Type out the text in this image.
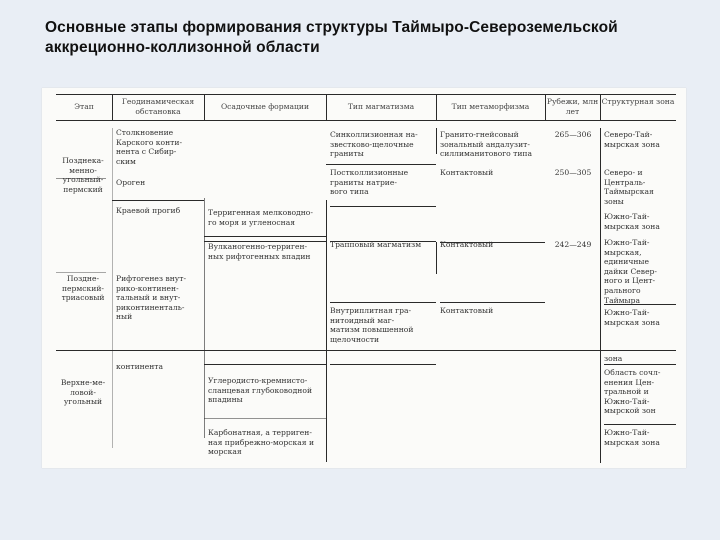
Основные этапы формирования структуры Таймыро-Североземельской
аккреционно-коллизонной области
Этап
Геодинамическая обстановка
Осадочные формации	Тип магматизма	Тип метаморфизма
Рубежи, млн лет
Структурная зона
Позднека-
менно-
угольный-
пермский
Поздне-
пермский-
триасовый
Верхне-ме-
ловой-
угольный
Столкновение
Карского конти-
нента с Сибир-
ским
Ороген
Краевой прогиб
Рифтогенез внут-
рико-континен-
тальный и внут-
риконтиненталь-
ный
континента
Терригенная мелководно-
го моря и угленосная
Вулканогенно-терриген-
ных рифтогенных впадин
Углеродисто-кремнисто-
сланцевая глубоководной
впадины
Карбонатная, а терриген-
ная прибрежно-морская и
морская
Синколлизионная на-
звестково-щелочные
граниты
Постколлизионные
граниты натрие-
вого типа
Трапповый магматизм
Внутриплитная гра-
нитоидный маг-
матизм повышенной
щелочности
Гранито-гнейсовый
зональный андалузит-
силлиманитового типа
Контактовый
Контактовый
Контактовый
265—306
250—305
242—249
Северо-Тай-
мырская зона
Северо- и
Централь-
Таймырская
зоны
Южно-Тай-
мырская зона
Южно-Тай-
мырская,
единичные
дайки Север-
ного и Цент-
рального
Таймыра
Южно-Тай-
мырская зона
зона
Область сочл-
енения Цен-
тральной и
Южно-Тай-
мырской зон
Южно-Тай-
мырская зона
